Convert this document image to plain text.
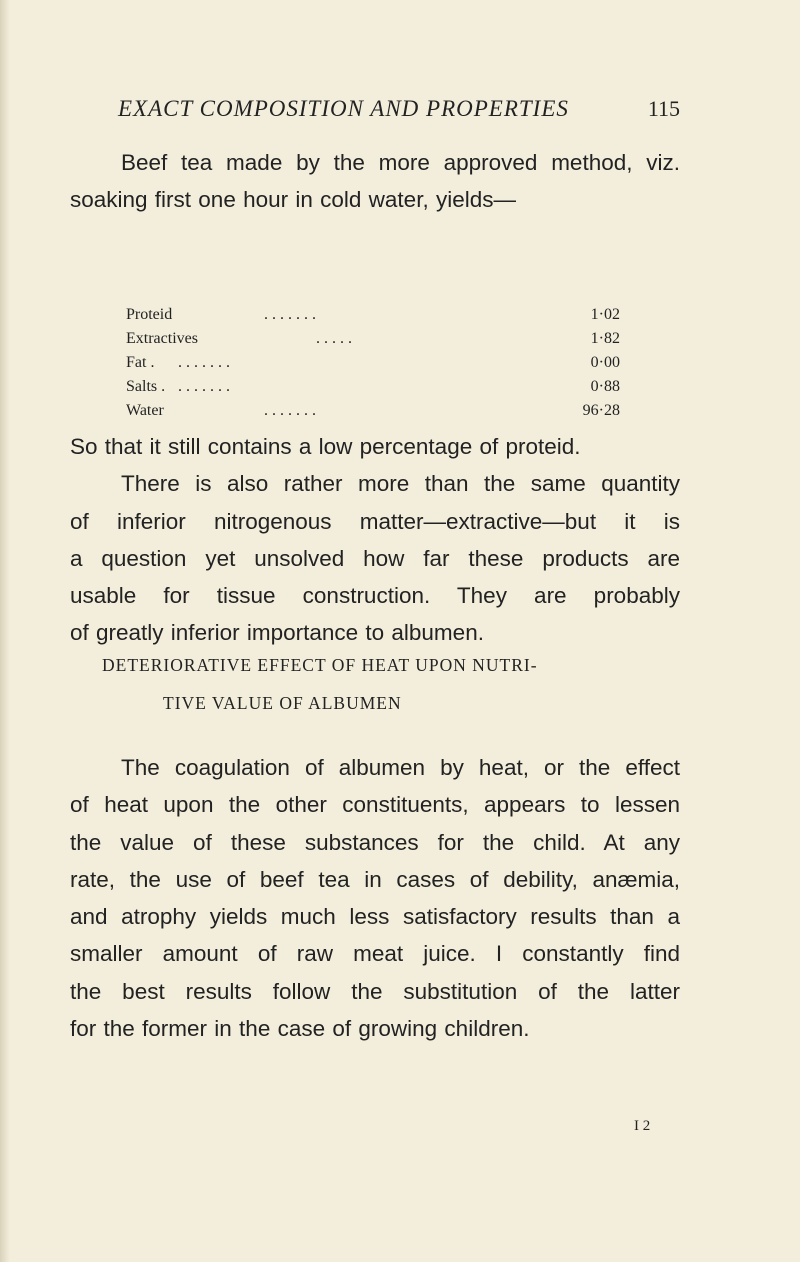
EXACT COMPOSITION AND PROPERTIES	115
Beef tea made by the more approved method, viz.
soaking first one hour in cold water, yields—
Proteid	. . . . . . .	1·02
Extractives	. . . . .	1·82
Fat . . . . . . . .	0·00
Salts . . . . . . . .	0·88
Water	. . . . . . .	96·28
So that it still contains a low percentage of proteid.
There is also rather more than the same quantity
of inferior nitrogenous matter—extractive—but it is
a question yet unsolved how far these products are
usable for tissue construction. They are probably
of greatly inferior importance to albumen.
DETERIORATIVE EFFECT OF HEAT UPON NUTRI-
TIVE VALUE OF ALBUMEN
The coagulation of albumen by heat, or the effect
of heat upon the other constituents, appears to lessen
the value of these substances for the child. At any
rate, the use of beef tea in cases of debility, anæmia,
and atrophy yields much less satisfactory results than a
smaller amount of raw meat juice. I constantly find
the best results follow the substitution of the latter
for the former in the case of growing children.
I 2
